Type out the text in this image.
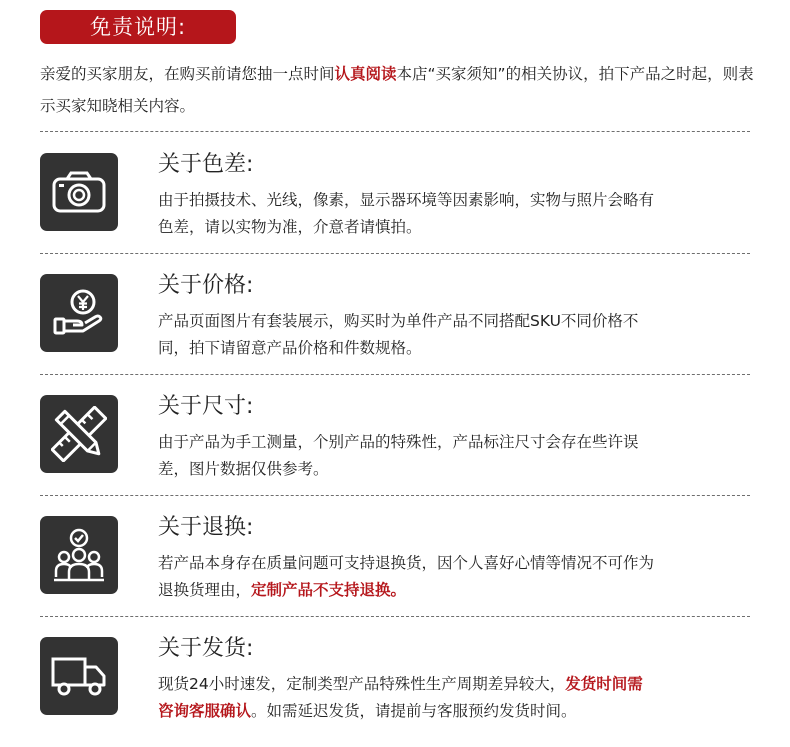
免责说明:
亲爱的买家朋友，在购买前请您抽一点时间认真阅读本店“买家须知”的相关协议，拍下产品之时起，则表示买家知晓相关内容。
关于色差:
由于拍摄技术、光线，像素，显示器环境等因素影响，实物与照片会略有色差，请以实物为准，介意者请慎拍。
关于价格:
产品页面图片有套装展示，购买时为单件产品不同搭配SKU不同价格不同，拍下请留意产品价格和件数规格。
关于尺寸:
由于产品为手工测量，个别产品的特殊性，产品标注尺寸会存在些许误差，图片数据仅供参考。
关于退换:
若产品本身存在质量问题可支持退换货，因个人喜好心情等情况不可作为退换货理由，定制产品不支持退换。
关于发货:
现货24小时速发，定制类型产品特殊性生产周期差异较大，发货时间需咨询客服确认。如需延迟发货，请提前与客服预约发货时间。
